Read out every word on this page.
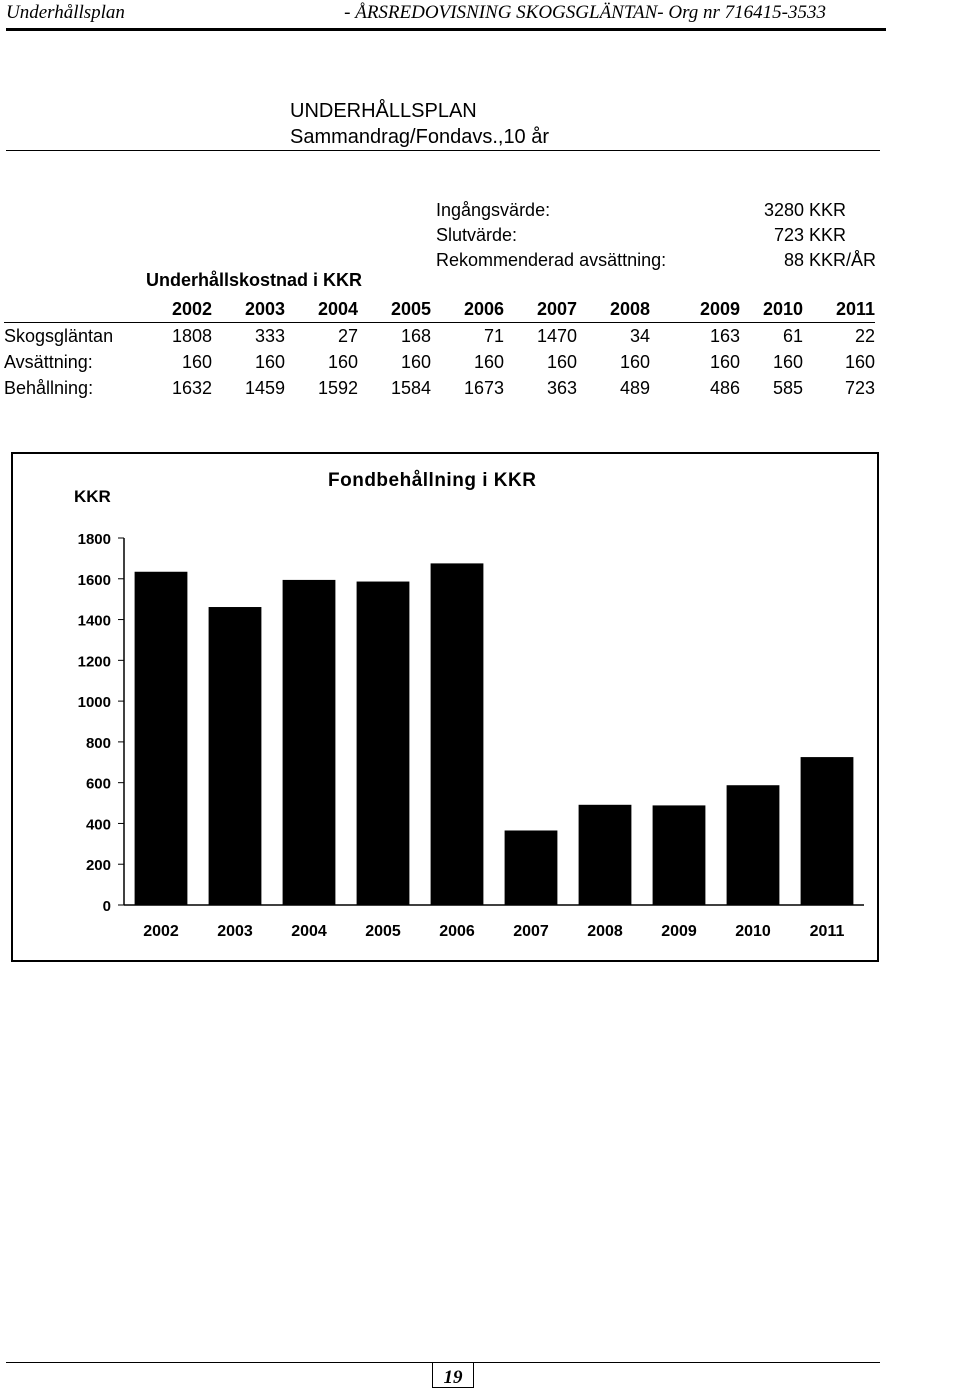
Underhållsplan	- ÅRSREDOVISNING SKOGSGLÄNTAN- Org nr 716415-3533
UNDERHÅLLSPLAN
Sammandrag/Fondavs.,10 år
Ingångsvärde:	3280 KKR
Slutvärde:	723 KKR
Rekommenderad avsättning:	88 KKR/ÅR
Underhållskostnad i KKR
	2002	2003	2004	2005	2006	2007	2008	2009	2010	2011
Skogsgläntan	1808	333	27	168	71	1470	34	163	61	22
Avsättning:	160	160	160	160	160	160	160	160	160	160
Behållning:	1632	1459	1592	1584	1673	363	489	486	585	723
Fondbehållning i KKR
KKR
0
200
400
600
800
1000
1200
1400
1600
1800
2002 2003 2004 2005 2006 2007 2008 2009 2010 2011
19
